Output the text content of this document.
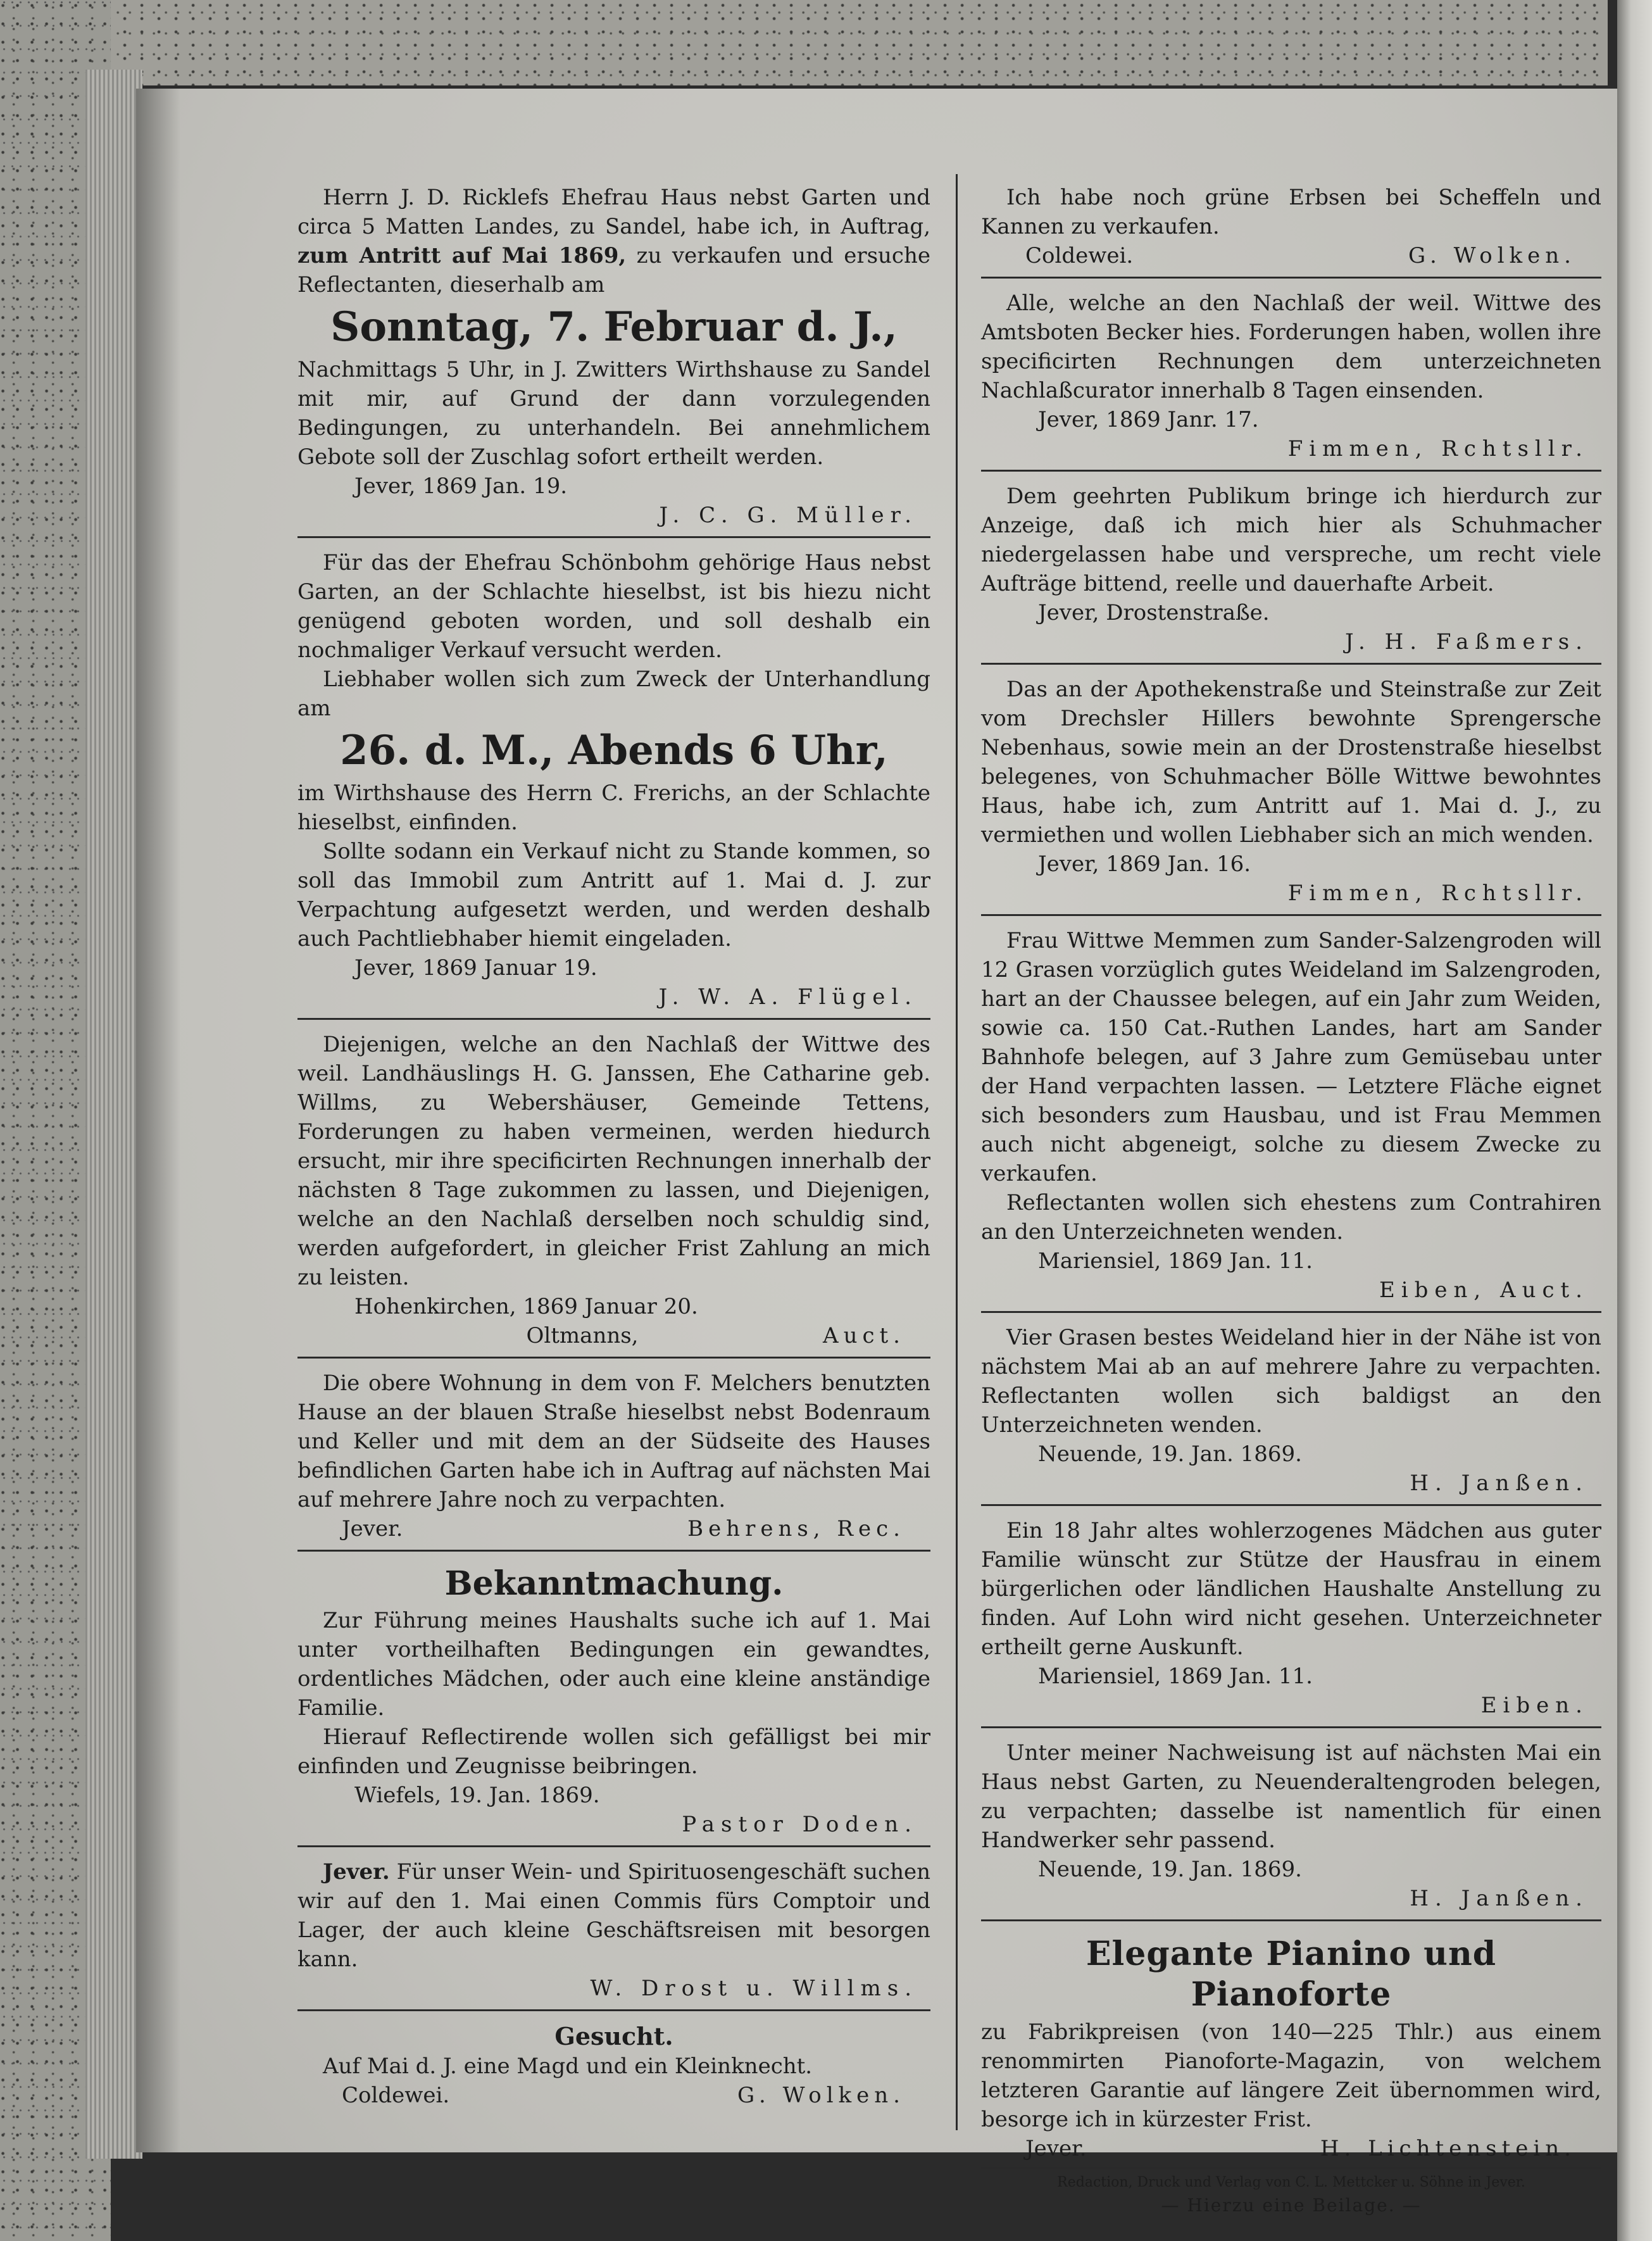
Herrn J. D. Ricklefs Ehefrau Haus nebst Garten und circa 5 Matten Landes, zu Sandel, habe ich, in Auftrag, zum Antritt auf Mai 1869, zu verkaufen und ersuche Reflectanten, dieserhalb am

Sonntag, 7. Februar d. J.,

Nachmittags 5 Uhr, in J. Zwitters Wirthshause zu Sandel mit mir, auf Grund der dann vorzulegenden Bedingungen, zu unterhandeln. Bei annehmlichem Gebote soll der Zuschlag sofort ertheilt werden.

Jever, 1869 Jan. 19.
J. C. G. Müller.

Für das der Ehefrau Schönbohm gehörige Haus nebst Garten, an der Schlachte hieselbst, ist bis hiezu nicht genügend geboten worden, und soll deshalb ein nochmaliger Verkauf versucht werden.

Liebhaber wollen sich zum Zweck der Unterhandlung am

26. d. M., Abends 6 Uhr,

im Wirthshause des Herrn C. Frerichs, an der Schlachte hieselbst, einfinden.

Sollte sodann ein Verkauf nicht zu Stande kommen, so soll das Immobil zum Antritt auf 1. Mai d. J. zur Verpachtung aufgesetzt werden, und werden deshalb auch Pachtliebhaber hiemit eingeladen.

Jever, 1869 Januar 19.
J. W. A. Flügel.

Diejenigen, welche an den Nachlaß der Wittwe des weil. Landhäuslings H. G. Janssen, Ehe Catharine geb. Willms, zu Webershäuser, Gemeinde Tettens, Forderungen zu haben vermeinen, werden hiedurch ersucht, mir ihre specificirten Rechnungen innerhalb der nächsten 8 Tage zukommen zu lassen, und Diejenigen, welche an den Nachlaß derselben noch schuldig sind, werden aufgefordert, in gleicher Frist Zahlung an mich zu leisten.

Hohenkirchen, 1869 Januar 20.
Oltmanns,	Auct.

Die obere Wohnung in dem von F. Melchers benutzten Hause an der blauen Straße hieselbst nebst Bodenraum und Keller und mit dem an der Südseite des Hauses befindlichen Garten habe ich in Auftrag auf nächsten Mai auf mehrere Jahre noch zu verpachten.

Jever.	Behrens, Rec.
Bekanntmachung.

Zur Führung meines Haushalts suche ich auf 1. Mai unter vortheilhaften Bedingungen ein gewandtes, ordentliches Mädchen, oder auch eine kleine anständige Familie.

Hierauf Reflectirende wollen sich gefälligst bei mir einfinden und Zeugnisse beibringen.

Wiefels, 19. Jan. 1869.
Pastor Doden.

Jever. Für unser Wein- und Spirituosengeschäft suchen wir auf den 1. Mai einen Commis fürs Comptoir und Lager, der auch kleine Geschäftsreisen mit besorgen kann.

W. Drost u. Willms.
Gesucht.

Auf Mai d. J. eine Magd und ein Kleinknecht.

Coldewei.	G. Wolken.

Ich habe noch grüne Erbsen bei Scheffeln und Kannen zu verkaufen.

Coldewei.	G. Wolken.

Alle, welche an den Nachlaß der weil. Wittwe des Amtsboten Becker hies. Forderungen haben, wollen ihre specificirten Rechnungen dem unterzeichneten Nachlaßcurator innerhalb 8 Tagen einsenden.

Jever, 1869 Janr. 17.
Fimmen, Rchtsllr.

Dem geehrten Publikum bringe ich hierdurch zur Anzeige, daß ich mich hier als Schuhmacher niedergelassen habe und verspreche, um recht viele Aufträge bittend, reelle und dauerhafte Arbeit.

Jever, Drostenstraße.
J. H. Faßmers.

Das an der Apothekenstraße und Steinstraße zur Zeit vom Drechsler Hillers bewohnte Sprengersche Nebenhaus, sowie mein an der Drostenstraße hieselbst belegenes, von Schuhmacher Bölle Wittwe bewohntes Haus, habe ich, zum Antritt auf 1. Mai d. J., zu vermiethen und wollen Liebhaber sich an mich wenden.

Jever, 1869 Jan. 16.
Fimmen, Rchtsllr.

Frau Wittwe Memmen zum Sander-Salzengroden will 12 Grasen vorzüglich gutes Weideland im Salzengroden, hart an der Chaussee belegen, auf ein Jahr zum Weiden, sowie ca. 150 Cat.-Ruthen Landes, hart am Sander Bahnhofe belegen, auf 3 Jahre zum Gemüsebau unter der Hand verpachten lassen. — Letztere Fläche eignet sich besonders zum Hausbau, und ist Frau Memmen auch nicht abgeneigt, solche zu diesem Zwecke zu verkaufen.

Reflectanten wollen sich ehestens zum Contrahiren an den Unterzeichneten wenden.

Mariensiel, 1869 Jan. 11.
Eiben, Auct.

Vier Grasen bestes Weideland hier in der Nähe ist von nächstem Mai ab an auf mehrere Jahre zu verpachten. Reflectanten wollen sich baldigst an den Unterzeichneten wenden.

Neuende, 19. Jan. 1869.
H. Janßen.

Ein 18 Jahr altes wohlerzogenes Mädchen aus guter Familie wünscht zur Stütze der Hausfrau in einem bürgerlichen oder ländlichen Haushalte Anstellung zu finden. Auf Lohn wird nicht gesehen. Unterzeichneter ertheilt gerne Auskunft.

Mariensiel, 1869 Jan. 11.
Eiben.

Unter meiner Nachweisung ist auf nächsten Mai ein Haus nebst Garten, zu Neuenderaltengroden belegen, zu verpachten; dasselbe ist namentlich für einen Handwerker sehr passend.

Neuende, 19. Jan. 1869.
H. Janßen.
Elegante Pianino und Pianoforte

zu Fabrikpreisen (von 140—225 Thlr.) aus einem renommirten Pianoforte-Magazin, von welchem letzteren Garantie auf längere Zeit übernommen wird, besorge ich in kürzester Frist.

Jever.	H. Lichtenstein.
Redaction, Druck und Verlag von C. L. Mettcker u. Söhne in Jever.
— Hierzu eine Beilage. —
